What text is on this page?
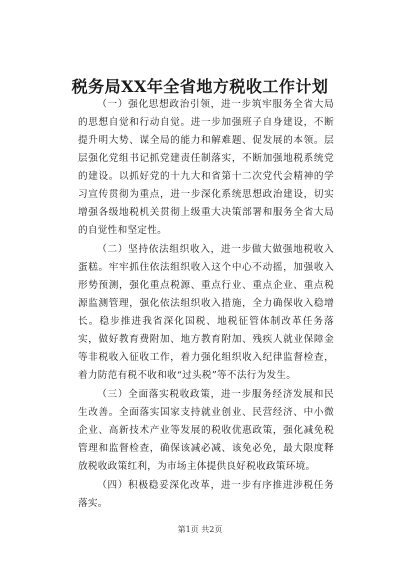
税务局XX年全省地方税收工作计划

（一）强化思想政治引领，进一步筑牢服务全省大局的思想自觉和行动自觉。进一步加强班子自身建设，不断提升明大势、谋全局的能力和解难题、促发展的本领。层层强化党组书记抓党建责任制落实，不断加强地税系统党的建设。以抓好党的十九大和省第十二次党代会精神的学习宣传贯彻为重点，进一步深化系统思想政治建设，切实增强各级地税机关贯彻上级重大决策部署和服务全省大局的自觉性和坚定性。

（二）坚持依法组织收入，进一步做大做强地税收入蛋糕。牢牢抓住依法组织收入这个中心不动摇，加强收入形势预测，强化重点税源、重点行业、重点企业、重点税源监测管理，强化依法组织收入措施，全力确保收入稳增长。稳步推进我省深化国税、地税征管体制改革任务落实，做好教育费附加、地方教育附加、残疾人就业保障金等非税收入征收工作，着力强化组织收入纪律监督检查，着力防范有税不收和收“过头税”等不法行为发生。

（三）全面落实税收政策，进一步服务经济发展和民生改善。全面落实国家支持就业创业、民营经济、中小微企业、高新技术产业等发展的税收优惠政策，强化减免税管理和监督检查，确保该减必减、该免必免，最大限度释放税收政策红利，为市场主体提供良好税收政策环境。

（四）积极稳妥深化改革，进一步有序推进涉税任务落实。

第1页 共2页
